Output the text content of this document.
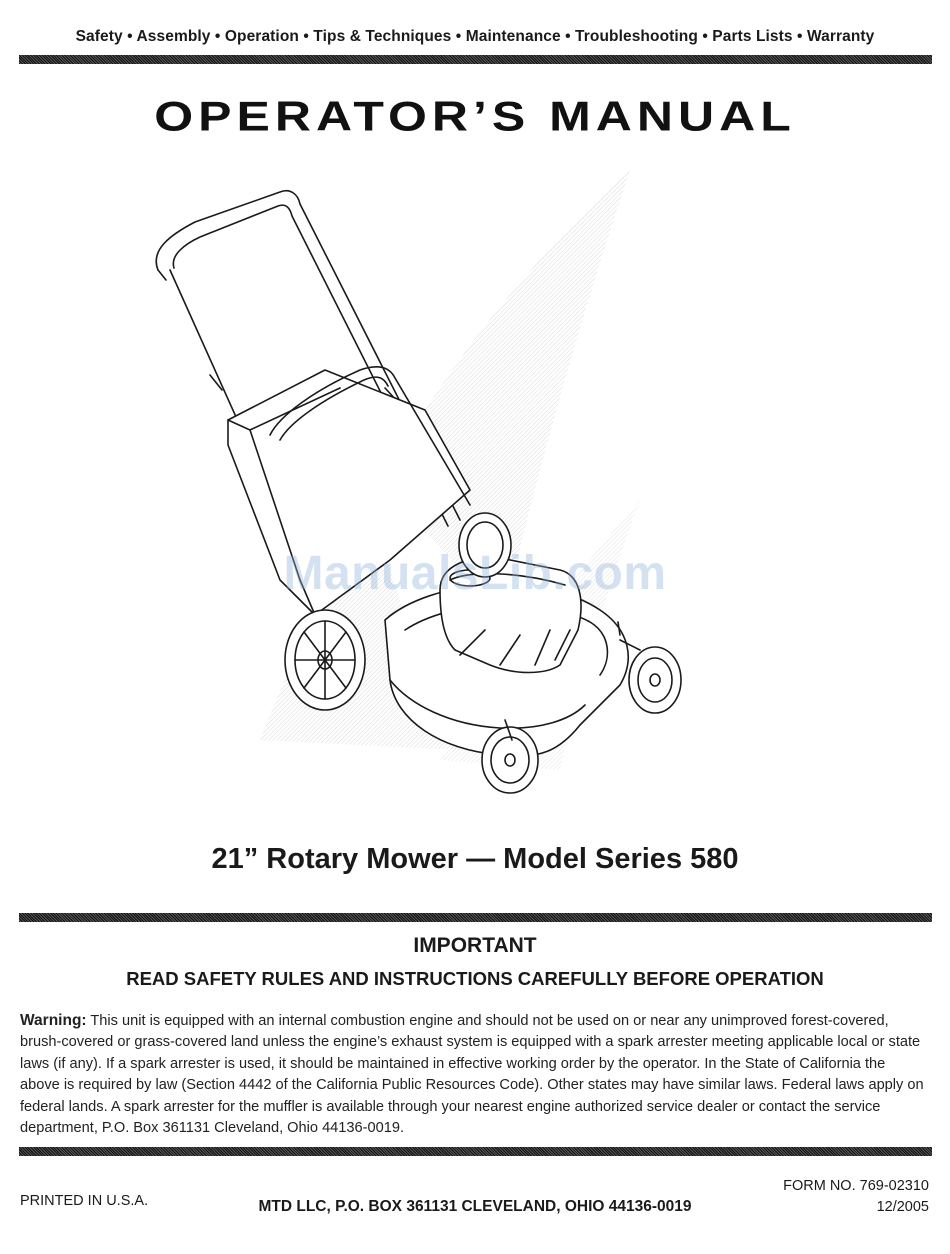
Safety • Assembly • Operation • Tips & Techniques • Maintenance • Troubleshooting • Parts Lists • Warranty
OPERATOR’S MANUAL
ManualsLib.com
21” Rotary Mower — Model Series 580
IMPORTANT
READ SAFETY RULES AND INSTRUCTIONS CAREFULLY BEFORE OPERATION
Warning: This unit is equipped with an internal combustion engine and should not be used on or near any unimproved forest-covered, brush-covered or grass-covered land unless the engine’s exhaust system is equipped with a spark arrester meeting applicable local or state laws (if any). If a spark arrester is used, it should be maintained in effective working order by the operator. In the State of California the above is required by law (Section 4442 of the California Public Resources Code). Other states may have similar laws. Federal laws apply on federal lands. A spark arrester for the muffler is available through your nearest engine authorized service dealer or contact the service department, P.O. Box 361131 Cleveland, Ohio 44136-0019.
FORM NO. 769-02310
PRINTED IN U.S.A.	MTD LLC, P.O. BOX 361131 CLEVELAND, OHIO 44136-0019	12/2005
